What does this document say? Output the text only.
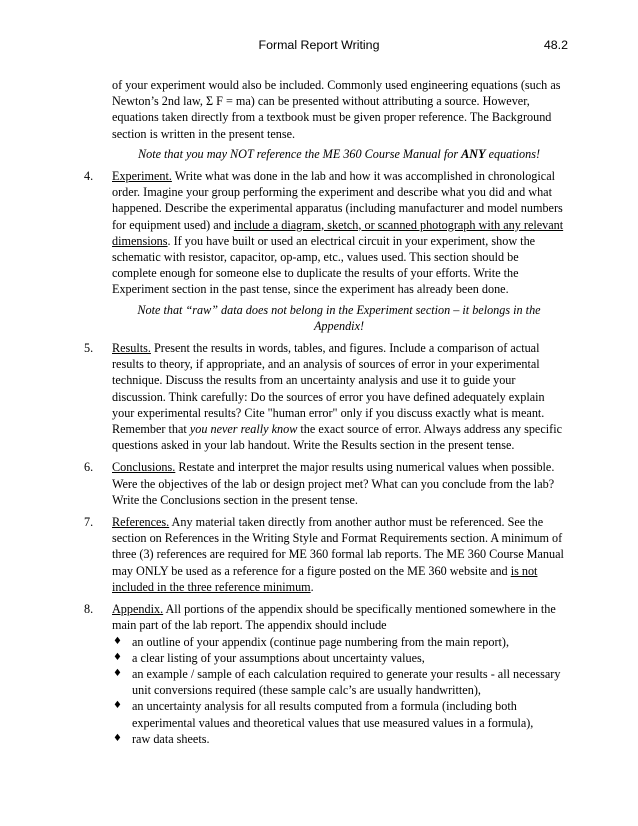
Formal Report Writing	48.2

of your experiment would also be included. Commonly used engineering equations (such as Newton’s 2nd law, Σ F = ma) can be presented without attributing a source. However, equations taken directly from a textbook must be given proper reference. The Background section is written in the present tense.

Note that you may NOT reference the ME 360 Course Manual for ANY equations!

4. Experiment. Write what was done in the lab and how it was accomplished in chronological order. Imagine your group performing the experiment and describe what you did and what happened. Describe the experimental apparatus (including manufacturer and model numbers for equipment used) and include a diagram, sketch, or scanned photograph with any relevant dimensions. If you have built or used an electrical circuit in your experiment, show the schematic with resistor, capacitor, op-amp, etc., values used. This section should be complete enough for someone else to duplicate the results of your efforts. Write the Experiment section in the past tense, since the experiment has already been done.

Note that “raw” data does not belong in the Experiment section – it belongs in the Appendix!

5. Results. Present the results in words, tables, and figures. Include a comparison of actual results to theory, if appropriate, and an analysis of sources of error in your experimental technique. Discuss the results from an uncertainty analysis and use it to guide your discussion. Think carefully: Do the sources of error you have defined adequately explain your experimental results? Cite "human error" only if you discuss exactly what is meant. Remember that you never really know the exact source of error. Always address any specific questions asked in your lab handout. Write the Results section in the present tense.

6. Conclusions. Restate and interpret the major results using numerical values when possible. Were the objectives of the lab or design project met? What can you conclude from the lab? Write the Conclusions section in the present tense.

7. References. Any material taken directly from another author must be referenced. See the section on References in the Writing Style and Format Requirements section. A minimum of three (3) references are required for ME 360 formal lab reports. The ME 360 Course Manual may ONLY be used as a reference for a figure posted on the ME 360 website and is not included in the three reference minimum.

8. Appendix. All portions of the appendix should be specifically mentioned somewhere in the main part of the lab report. The appendix should include

♦ an outline of your appendix (continue page numbering from the main report),
♦ a clear listing of your assumptions about uncertainty values,
♦ an example / sample of each calculation required to generate your results - all necessary unit conversions required (these sample calc’s are usually handwritten),
♦ an uncertainty analysis for all results computed from a formula (including both experimental values and theoretical values that use measured values in a formula),
♦ raw data sheets.
